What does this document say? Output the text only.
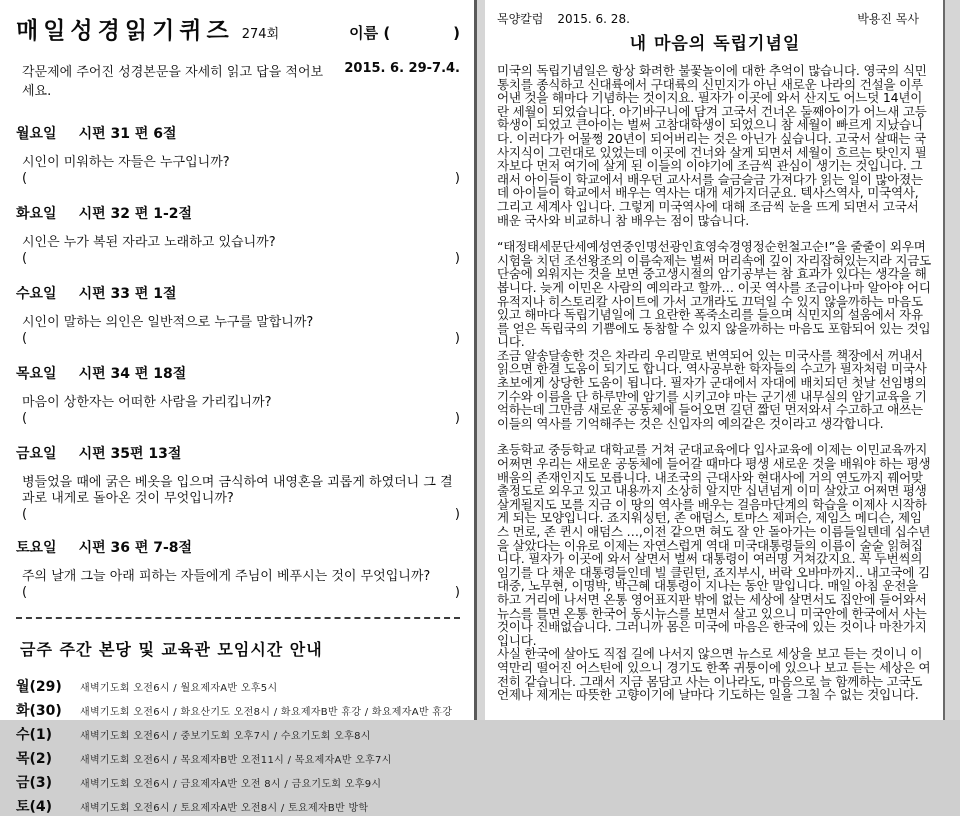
매일성경읽기퀴즈 274회	이름 (	)
각문제에 주어진 성경본문을 자세히 읽고 답을 적어보세요.
2015. 6. 29-7.4.
월요일 시편 31 편 6절
시인이 미워하는 자들은 누구입니까?
(	)
화요일 시편 32 편 1-2절
시인은 누가 복된 자라고 노래하고 있습니까?
(	)
수요일 시편 33 편 1절
시인이 말하는 의인은 일반적으로 누구를 말합니까?
(	)
목요일 시편 34 편 18절
마음이 상한자는 어떠한 사람을 가리킵니까?
(	)
금요일 시편 35편 13절
병들었을 때에 굵은 베옷을 입으며 금식하여 내영혼을 괴롭게 하였더니 그 결과로 내게로 돌아온 것이 무엇입니까?
(	)
토요일 시편 36 편 7-8절
주의 날개 그늘 아래 피하는 자들에게 주님이 베푸시는 것이 무엇입니까?
(	)
금주 주간 본당 및 교육관 모임시간 안내
월(29)	새벽기도회 오전6시 / 월요제자A반 오후5시
화(30)	새벽기도회 오전6시 / 화요산기도 오전8시 / 화요제자B반 휴강 / 화요제자A반 휴강
수(1)	새벽기도회 오전6시 / 중보기도회 오후7시 / 수요기도회 오후8시
목(2)	새벽기도회 오전6시 / 목요제자B반 오전11시 / 목요제자A반 오후7시
금(3)	새벽기도회 오전6시 / 금요제자A반 오전 8시 / 금요기도회 오후9시
토(4)	새벽기도회 오전6시 / 토요제자A반 오전8시 / 토요제자B반 방학
목양칼럼 2015. 6. 28.	박용진 목사
내 마음의 독립기념일

미국의 독립기념일은 항상 화려한 불꽃놀이에 대한 추억이 많습니다. 영국의 식민통치를 종식하고 신대륙에서 구대륙의 신민지가 아닌 새로운 나라의 건설을 이루어낸 것을 해마다 기념하는 것이지요. 필자가 이곳에 와서 산지도 어느덧 14년이란 세월이 되었습니다. 아기바구니에 담겨 고국서 건너온 둘째아이가 어느새 고등학생이 되었고 큰아이는 벌써 고참대학생이 되었으니 참 세월이 빠르게 지났습니다. 이러다가 어물쩡 20년이 되어버리는 것은 아닌가 싶습니다. 고국서 살때는 국사지식이 그런대로 있었는데 이곳에 건너와 살게 되면서 세월이 흐르는 탓인지 필자보다 먼저 여기에 살게 된 이들의 이야기에 조금씩 관심이 생기는 것입니다. 그래서 아이들이 학교에서 배우던 교사서를 슬금슬금 가져다가 읽는 일이 많아졌는데 아이들이 학교에서 배우는 역사는 대개 세가지더군요. 텍사스역사, 미국역사, 그리고 세계사 입니다. 그렇게 미국역사에 대해 조금씩 눈을 뜨게 되면서 고국서 배운 국사와 비교하니 참 배우는 점이 많습니다.

“태정태세문단세예성연중인명선광인효영숙경영정순헌철고순!”을 줄줄이 외우며 시험을 치던 조선왕조의 이름숙제는 벌써 머리속에 깊이 자리잡혀있는지라 지금도 단숨에 외워지는 것을 보면 중고생시절의 암기공부는 참 효과가 있다는 생각을 해봅니다. 늦게 이민온 사람의 예의라고 할까… 이곳 역사를 조금이나마 알아야 어디 유적지나 히스토리칼 사이트에 가서 고개라도 끄덕일 수 있지 않을까하는 마음도 있고 해마다 독립기념일에 그 요란한 폭죽소리를 들으며 식민지의 설움에서 자유를 얻은 독립국의 기쁨에도 동참할 수 있지 않을까하는 마음도 포함되어 있는 것입니다.

조금 알송달송한 것은 차라리 우리말로 번역되어 있는 미국사를 책장에서 꺼내서 읽으면 한결 도움이 되기도 합니다. 역사공부한 학자들의 수고가 필자처럼 미국사 초보에게 상당한 도움이 됩니다. 필자가 군대에서 자대에 배치되던 첫날 선임병의 기수와 이름을 단 하루만에 암기를 시키고야 마는 군기센 내무실의 암기교육을 기억하는데 그만큼 새로운 공동체에 들어오면 길던 짧던 먼저와서 수고하고 애쓰는 이들의 역사를 기억해주는 것은 신입자의 예의같은 것이라고 생각합니다.

초등학교 중등학교 대학교를 거쳐 군대교육에다 입사교육에 이제는 이민교육까지 어쩌면 우리는 새로운 공동체에 들어갈 때마다 평생 새로운 것을 배워야 하는 평생배움의 존재인지도 모릅니다. 내조국의 근대사와 현대사에 거의 연도까지 꿰어맞출정도로 외우고 있고 내용까지 소상히 알지만 십년넘게 이미 살았고 어쩌면 평생 살게될지도 모를 지금 이 땅의 역사를 배우는 걸음마단계의 학습을 이제사 시작하게 되는 모양입니다. 죠지워싱턴, 존 애덤스, 토마스 제퍼슨, 제임스 메디슨, 제임스 먼로, 존 퀸시 애덤스 …,이전 같으면 혀도 잘 안 돌아가는 이름들일텐데 십수년을 살았다는 이유로 이제는 자연스럽게 역대 미국대통령들의 이름이 술술 읽혀집니다. 필자가 이곳에 와서 살면서 벌써 대통령이 여러명 거쳐갔지요. 꼭 두번씩의 임기를 다 채운 대통령들인데 빌 클린턴, 죠지부시, 버락 오바마까지.. 내고국에 김대중, 노무현, 이명박, 박근혜 대통령이 지나는 동안 말입니다. 매일 아침 운전을 하고 거리에 나서면 온통 영어표지판 밖에 없는 세상에 살면서도 집안에 들어와서 뉴스를 틀면 온통 한국어 동시뉴스를 보면서 살고 있으니 미국안에 한국에서 사는 것이나 진배없습니다. 그러니까 몸은 미국에 마음은 한국에 있는 것이나 마찬가지입니다.

사실 한국에 살아도 직접 길에 나서지 않으면 뉴스로 세상을 보고 듣는 것이니 이역만리 떨어진 어스틴에 있으니 경기도 한쪽 귀퉁이에 있으나 보고 듣는 세상은 여전히 같습니다. 그래서 지금 몸담고 사는 이나라도, 마음으로 늘 함께하는 고국도 언제나 제게는 따뜻한 고향이기에 날마다 기도하는 일을 그칠 수 없는 것입니다.
